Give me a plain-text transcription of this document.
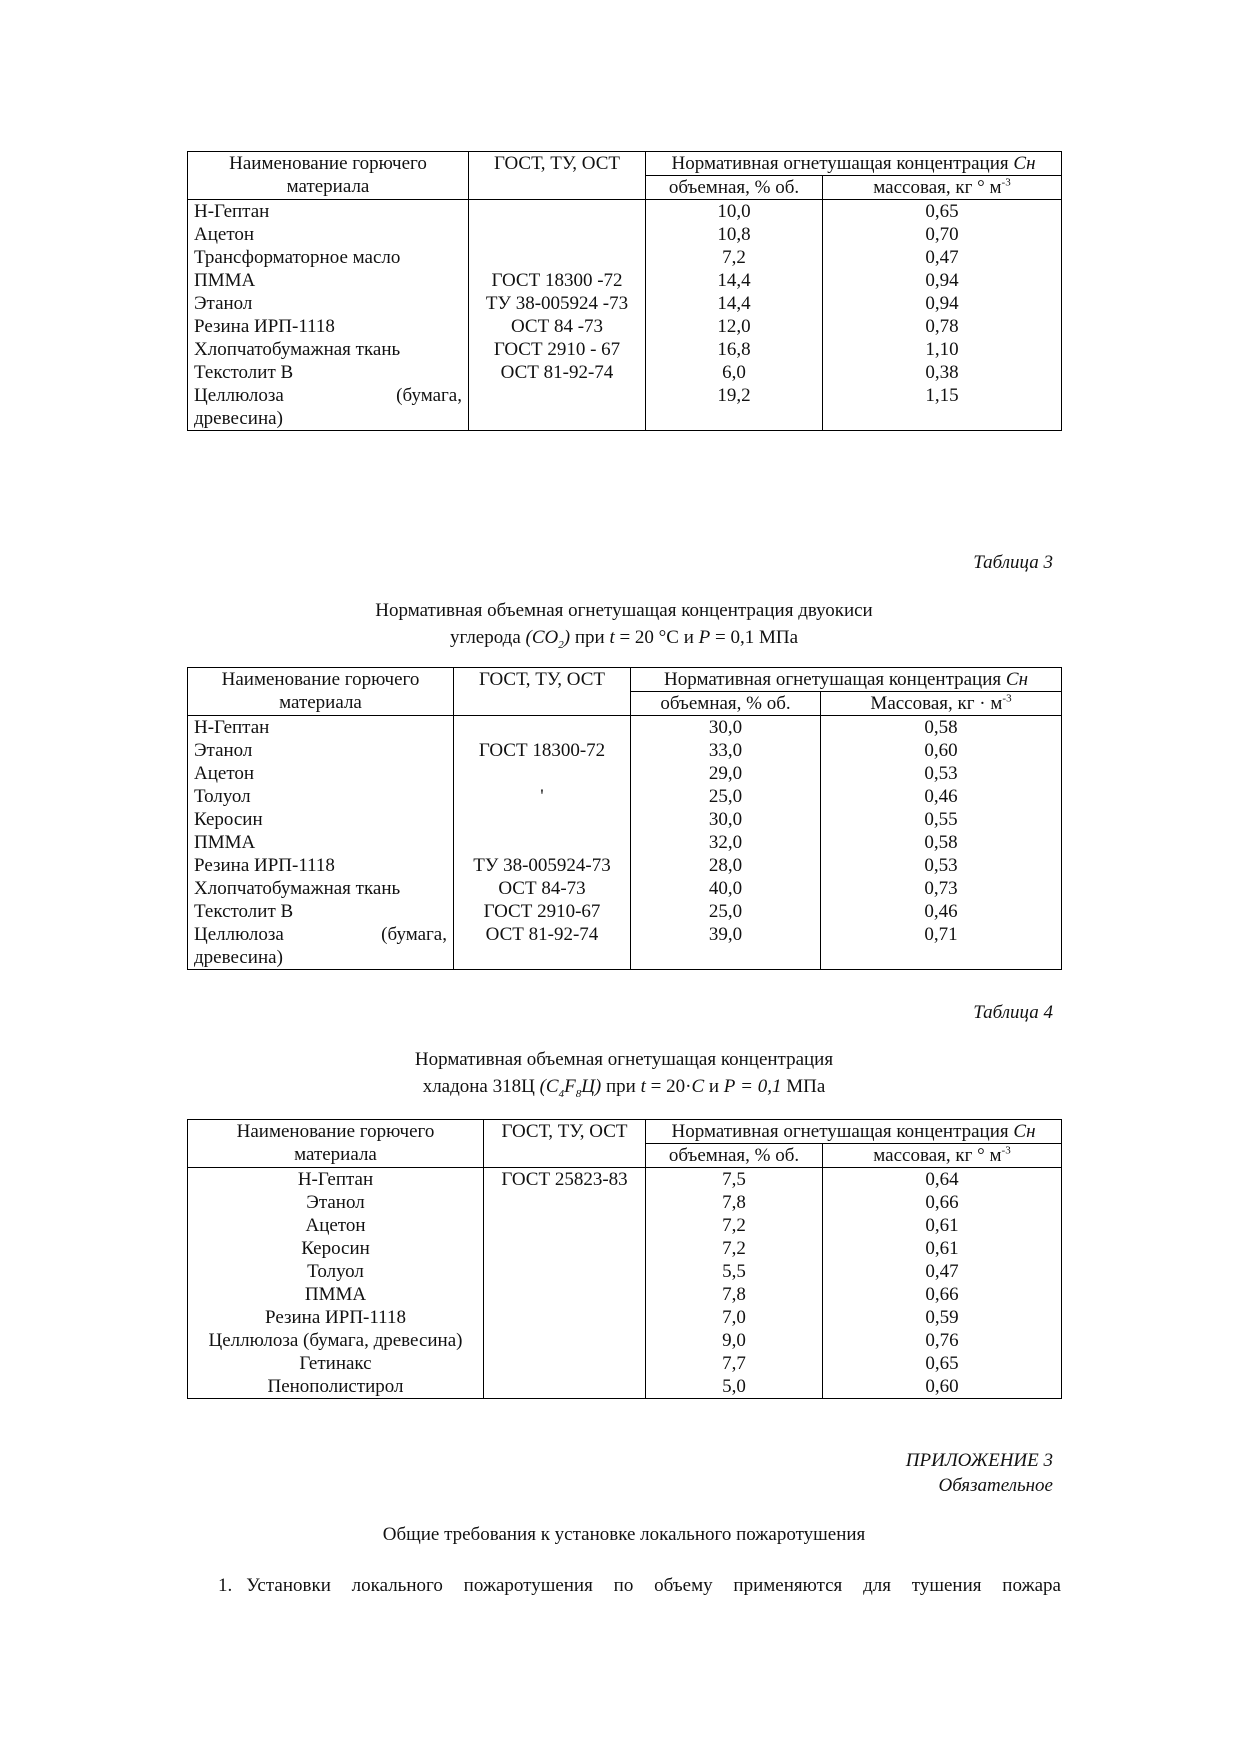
Наименование горючего материала	ГОСТ, ТУ, ОСТ	Нормативная огнетушащая концентрация Сн	
		объемная, % об.	массовая, кг ° $м^{-3}$
Н-Гептан		10,0	0,65
Ацетон		10,8	0,70
Трансформаторное масло		7,2	0,47
ПММА	ГОСТ 18300 -72	14,4	0,94
Этанол	ТУ 38-005924 -73	14,4	0,94
Резина ИРП-1118	ОСТ 84 -73	12,0	0,78
Хлопчатобумажная ткань	ГОСТ 2910 - 67	16,8	1,10
Текстолит В	ОСТ 81-92-74	6,0	0,38

Целлюлоза (бумага,
древесина)		19,2	1,15
Таблица 3
Нормативная объемная огнетушащая концентрация двуокиси
углерода $(СО_2)$ при t = 20 °С и Р = 0,1 МПа
Наименование горючего материала	ГОСТ, ТУ, ОСТ	Нормативная огнетушащая концентрация Сн	
		объемная, % об.	Массовая, кг · $м^{-3}$
Н-Гептан		30,0	0,58
Этанол	ГОСТ 18300-72	33,0	0,60
Ацетон		29,0	0,53
Толуол	'	25,0	0,46
Керосин		30,0	0,55
ПММА		32,0	0,58
Резина ИРП-1118	ТУ 38-005924-73	28,0	0,53
Хлопчатобумажная ткань	ОСТ 84-73	40,0	0,73
Текстолит В	ГОСТ 2910-67	25,0	0,46

Целлюлоза (бумага,
древесина)	ОСТ 81-92-74	39,0	0,71
Таблица 4
Нормативная объемная огнетушащая концентрация
хладона 318Ц $(C_4F_8Ц)$ при t = 20·С и Р = 0,1 МПа
Наименование горючего материала	ГОСТ, ТУ, ОСТ	Нормативная огнетушащая концентрация Сн	
		объемная, % об.	массовая, кг ° $м^{-3}$
Н-Гептан	ГОСТ 25823-83	7,5	0,64
Этанол		7,8	0,66
Ацетон		7,2	0,61
Керосин		7,2	0,61
Толуол		5,5	0,47
ПММА		7,8	0,66
Резина ИРП-1118		7,0	0,59
Целлюлоза (бумага, древесина)		9,0	0,76
Гетинакс		7,7	0,65
Пенополистирол		5,0	0,60
ПРИЛОЖЕНИЕ 3
Обязательное
Общие требования к установке локального пожаротушения
1. Установки локального пожаротушения по объему применяются для тушения пожара
